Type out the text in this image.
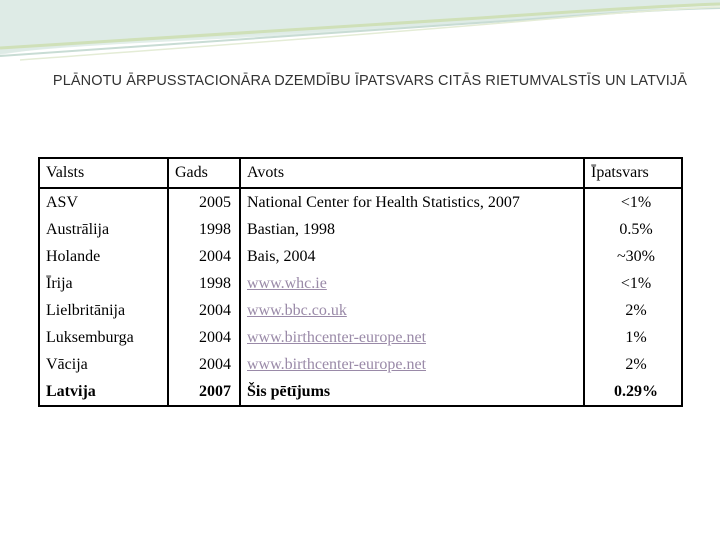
PLĀNOTU ĀRPUSSTACIONĀRA DZEMDĪBU ĪPATSVARS CITĀS RIETUMVALSTĪS UN LATVIJĀ
Valsts	Gads	Avots	Īpatsvars
ASV	2005	National Center for Health Statistics, 2007	<1%
Austrālija	1998	Bastian, 1998	0.5%
Holande	2004	Bais, 2004	~30%
Īrija	1998	www.whc.ie	<1%
Lielbritānija	2004	www.bbc.co.uk	2%
Luksemburga	2004	www.birthcenter-europe.net	1%
Vācija	2004	www.birthcenter-europe.net	2%
Latvija	2007	Šis pētījums	0.29%
